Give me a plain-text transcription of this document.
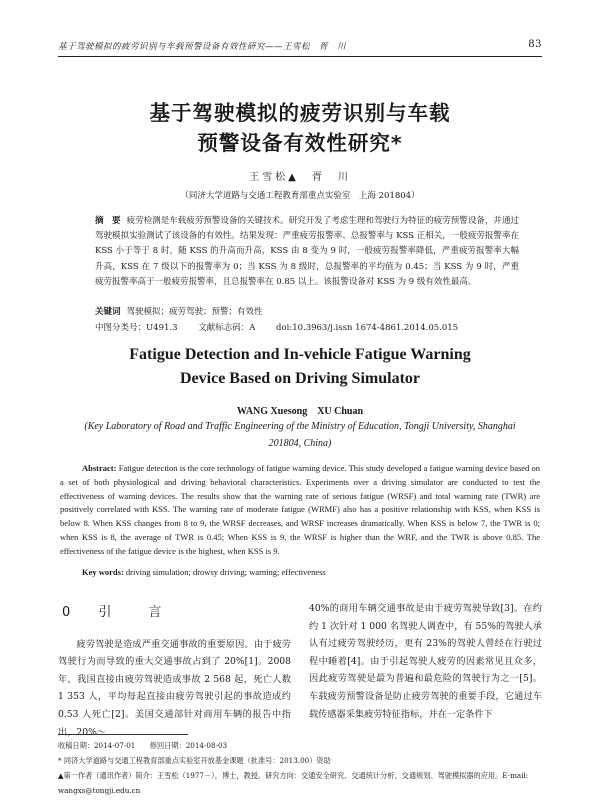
基于驾驶模拟的疲劳识别与车载预警设备有效性研究——王雪松　胥　川	83
基于驾驶模拟的疲劳识别与车载
预警设备有效性研究*
王雪松▲　胥　川
（同济大学道路与交通工程教育部重点实验室　上海 201804）
摘　要 疲劳检测是车载疲劳预警设备的关键技术。研究开发了考虑生理和驾驶行为特征的疲劳预警设备，并通过驾驶模拟实验测试了该设备的有效性。结果发现：严重疲劳报警率、总报警率与 KSS 正相关，一般疲劳报警率在 KSS 小于等于 8 时，随 KSS 的升高而升高，KSS 由 8 变为 9 时，一般疲劳报警率降低，严重疲劳报警率大幅升高，KSS 在 7 级以下的报警率为 0；当 KSS 为 8 级时，总报警率的平均值为 0.45；当 KSS 为 9 时，严重疲劳报警率高于一般疲劳报警率，且总报警率在 0.85 以上。该报警设备对 KSS 为 9 级有效性最高。
关键词 驾驶模拟；疲劳驾驶；预警；有效性
中图分类号：U491.3 文献标志码：A doi:10.3963/j.issn 1674-4861.2014.05.015
Fatigue Detection and In-vehicle Fatigue Warning
Device Based on Driving Simulator
WANG Xuesong　XU Chuan
(Key Laboratory of Road and Traffic Engineering of the Ministry of Education, Tongji University, Shanghai 201804, China)
Abstract: Fatigue detection is the core technology of fatigue warning device. This study developed a fatigue warning device based on a set of both physiological and driving behavioral characteristics. Experiments over a driving simulator are conducted to test the effectiveness of warning devices. The results show that the warning rate of serious fatigue (WRSF) and total warning rate (TWR) are positively correlated with KSS. The warning rate of moderate fatigue (WRMF) also has a positive relationship with KSS, when KSS is below 8. When KSS changes from 8 to 9, the WRSF decreases, and WRSF increases dramatically. When KSS is below 7, the TWR is 0; when KSS is 8, the average of TWR is 0.45; When KSS is 9, the WRSF is higher than the WRF, and the TWR is above 0.85. The effectiveness of the fatigue device is the highest, when KSS is 9.
Key words: driving simulation; drowsy driving; warning; effectiveness
0 引　言
疲劳驾驶是造成严重交通事故的重要原因。由于疲劳驾驶行为而导致的重大交通事故占到了 20%[1]。2008 年，我国直接由疲劳驾驶造成事故 2 568 起，死亡人数 1 353 人，平均每起直接由疲劳驾驶引起的事故造成约 0.53 人死亡[2]。美国交通部针对商用车辆的报告中指出，20%～
40%的商用车辆交通事故是由于疲劳驾驶导致[3]。在约约 1 次针对 1 000 名驾驶人调查中，有 55%的驾驶人承认有过疲劳驾驶经历，更有 23%的驾驶人曾经在行驶过程中睡着[4]。由于引起驾驶人疲劳的因素常见且众多，因此疲劳驾驶是最为普遍和最危险的驾驶行为之一[5]。车载疲劳预警设备是防止疲劳驾驶的重要手段，它通过车载传感器采集疲劳特征指标，并在一定条件下
收稿日期：2014-07-01　　修回日期：2014-08-03
* 同济大学道路与交通工程教育部重点实验室开放基金课题（批准号：2013.00）资助
▲第一作者（通讯作者）简介：王雪松（1977－），博士，教授。研究方向：交通安全研究、交通统计分析、交通规划、驾驶模拟器的应用。E-mail: wangxs@tongji.edu.cn
